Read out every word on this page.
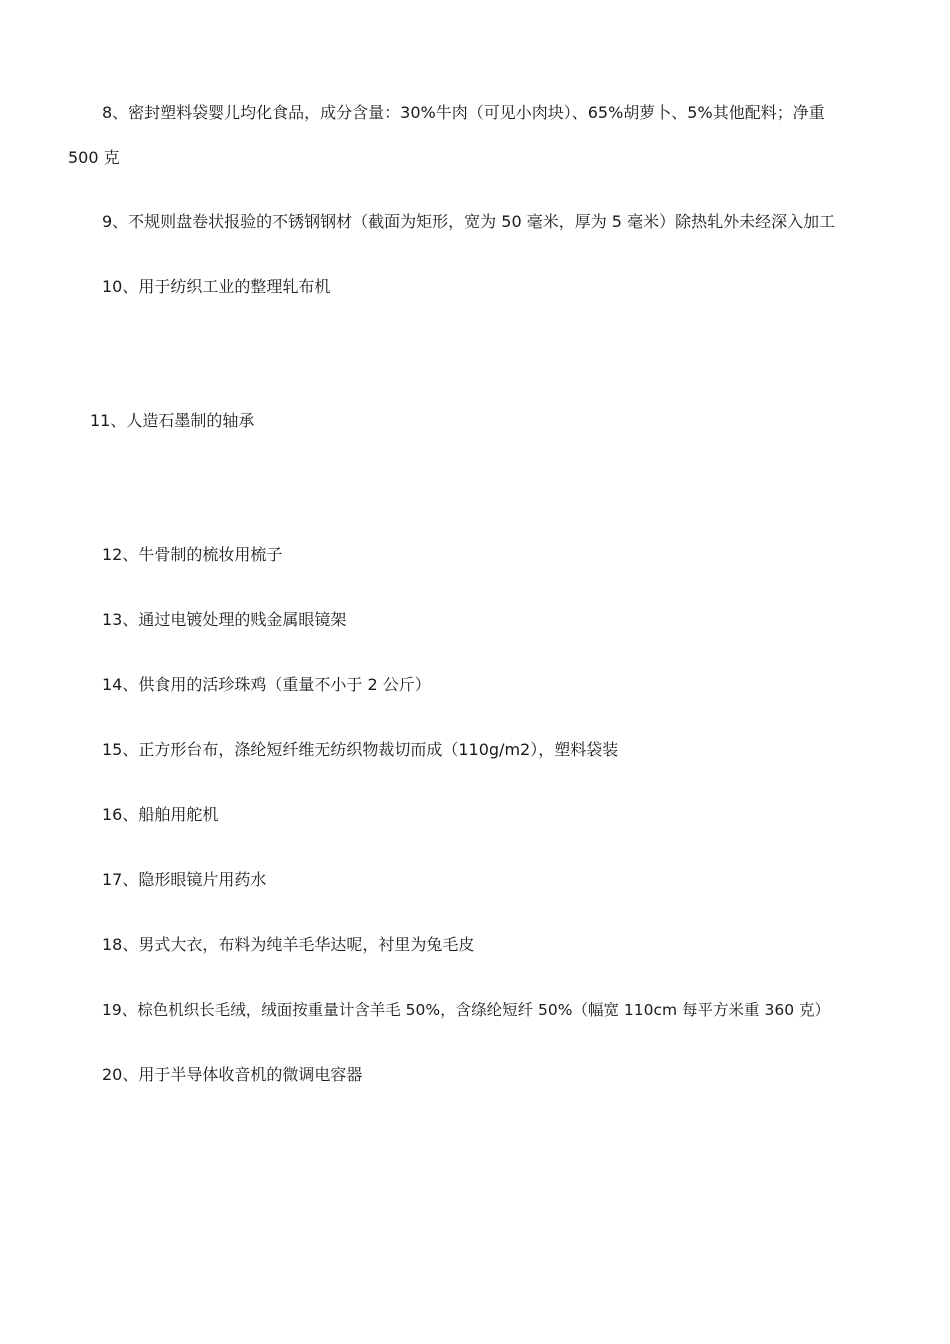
8、密封塑料袋婴儿均化食品，成分含量：30%牛肉（可见小肉块）、65%胡萝卜、5%其他配料；净重
500 克
9、不规则盘卷状报验的不锈钢钢材（截面为矩形，宽为 50 毫米，厚为 5 毫米）除热轧外未经深入加工
10、用于纺织工业的整理轧布机
11、人造石墨制的轴承
12、牛骨制的梳妆用梳子
13、通过电镀处理的贱金属眼镜架
14、供食用的活珍珠鸡（重量不小于 2 公斤）
15、正方形台布，涤纶短纤维无纺织物裁切而成（110g/m2），塑料袋装
16、船舶用舵机
17、隐形眼镜片用药水
18、男式大衣，布料为纯羊毛华达呢，衬里为兔毛皮
19、棕色机织长毛绒，绒面按重量计含羊毛 50%，含绦纶短纤 50%（幅宽 110cm 每平方米重 360 克）
20、用于半导体收音机的微调电容器
